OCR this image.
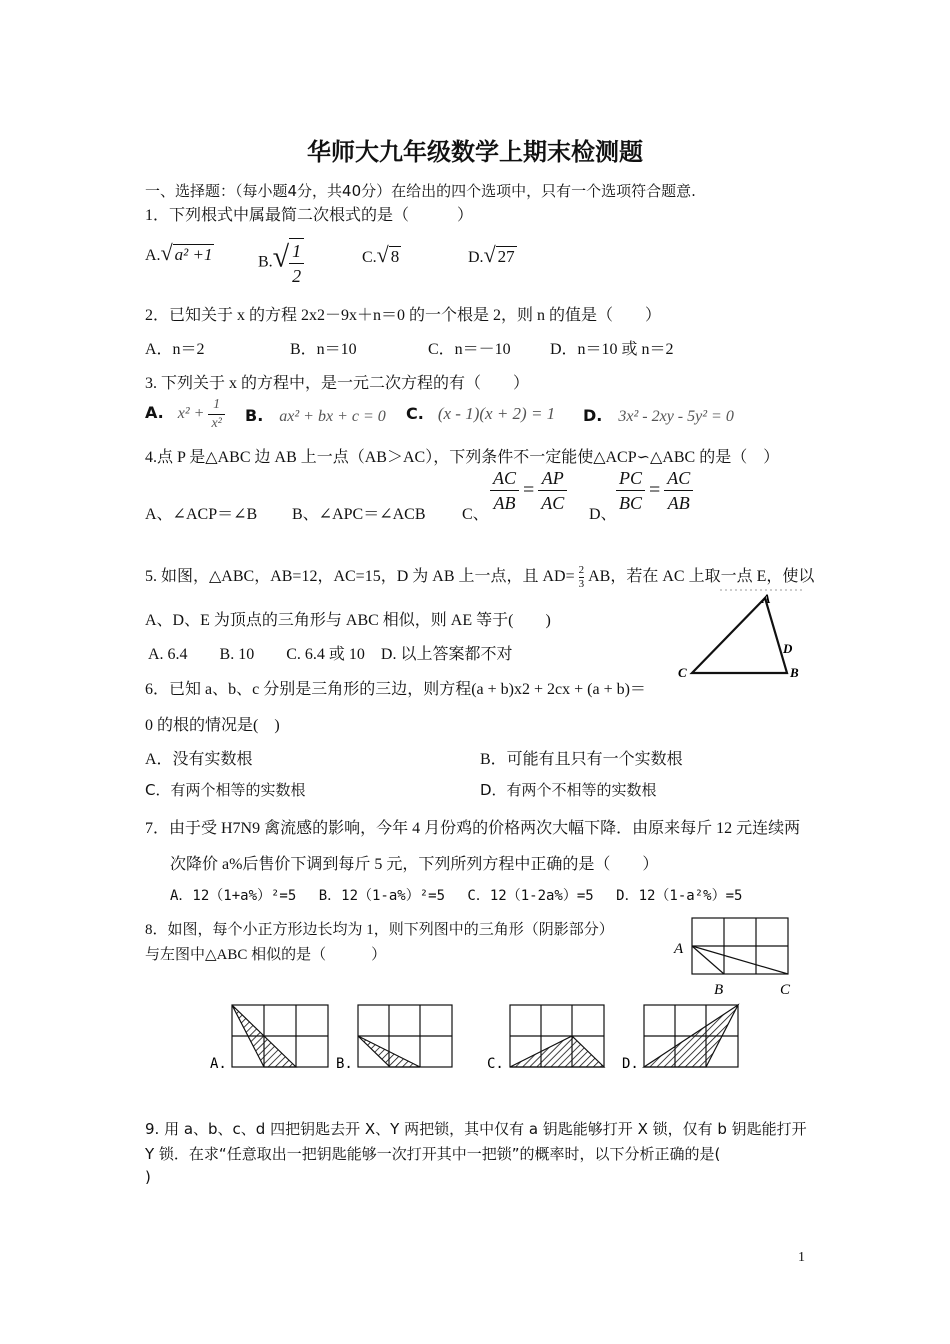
华师大九年级数学上期末检测题
一、选择题：（每小题4分，共40分）在给出的四个选项中，只有一个选项符合题意.
1．下列根式中属最简二次根式的是（　　　）
A.√ a² +1	$B.√ \frac{1}{2}$	C.√ 8	D.√ 27
2．已知关于 x 的方程 2x2－9x＋n＝0 的一个根是 2，则 n 的值是（　　）
A．n＝2	B．n＝10	C．n＝－10 D．n＝10 或 n＝2
3. 下列关于 x 的方程中，是一元二次方程的有（　　）
A. $x^2 + \frac{1}{\text{x²}} B$. ax² + bx + c = 0 C. (x - 1)(x + 2) = 1 D. 3x² - 2xy - 5y² = 0
4.点 P 是△ABC 边 AB 上一点（AB＞AC），下列条件不一定能使△ACP∽△ABC 的是（　）
A、∠ACP＝∠B B、∠APC＝∠ACB C、 $\frac{AC}{AB} = \frac{AP}{AC}$ D、 $\frac{PC}{BC} = \frac{AC}{AB}$
5. 如图，△ABC，AB=12，AC=15，D 为 AB 上一点，且 $AD= \frac{2}{3}$ AB，若在 AC 上取一点 E，使以
A、D、E 为顶点的三角形与 ABC 相似，则 AE 等于(　　)
A. 6.4　　B. 10　　C. 6.4 或 10　D. 以上答案都不对
A
D
B
C
6．已知 a、b、c 分别是三角形的三边，则方程(a + b)x2 + 2cx + (a + b)＝
0 的根的情况是(　)
A．没有实数根	B．可能有且只有一个实数根
C．有两个相等的实数根	D．有两个不相等的实数根
7．由于受 H7N9 禽流感的影响，今年 4 月份鸡的价格两次大幅下降．由原来每斤 12 元连续两
次降价 a%后售价下调到每斤 5 元，下列所列方程中正确的是（　　）
A．12（1+a%）²=5　 B．12（1-a%）²=5　 C．12（1-2a%）=5　 D．12（1-a²%）=5
8．如图，每个小正方形边长均为 1，则下列图中的三角形（阴影部分）
与左图中△ABC 相似的是（　　　）	A
B	C
A.	B.	C.	D.
9. 用 a、b、c、d 四把钥匙去开 X、Y 两把锁，其中仅有 a 钥匙能够打开 X 锁，仅有 b 钥匙能打开
Y 锁．在求“任意取出一把钥匙能够一次打开其中一把锁”的概率时，以下分析正确的是(
)
1
